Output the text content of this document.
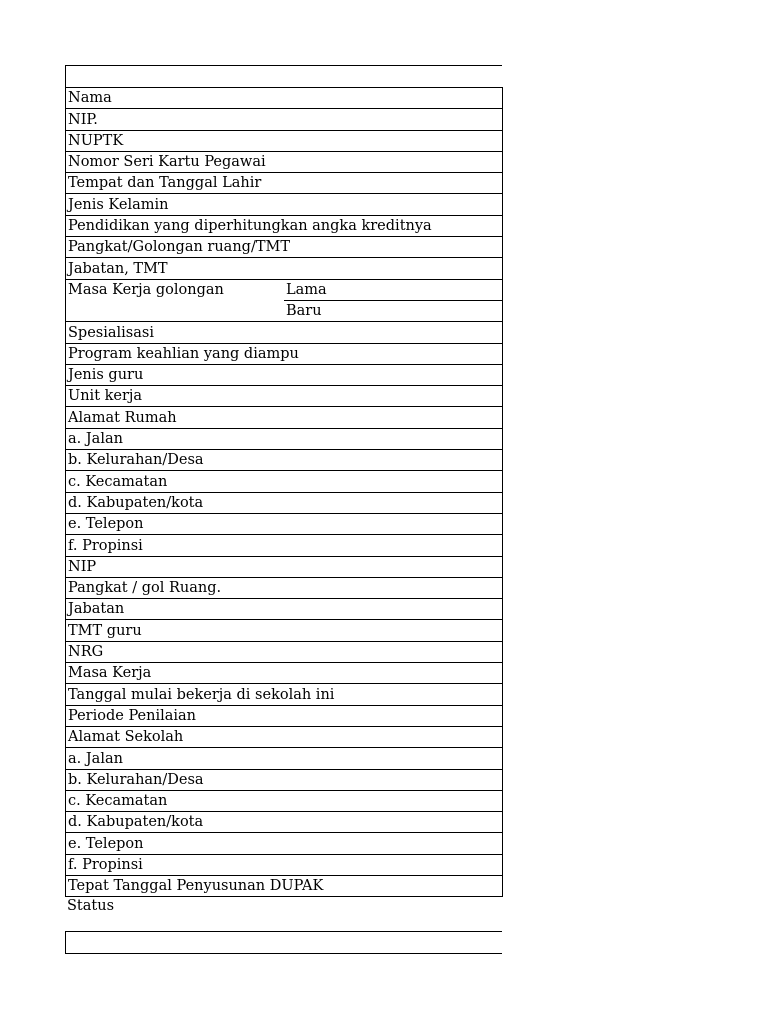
Nama	
NIP.	
NUPTK	
Nomor Seri Kartu Pegawai	
Tempat dan Tanggal Lahir	
Jenis Kelamin	
Pendidikan yang diperhitungkan angka kreditnya	
Pangkat/Golongan ruang/TMT	
Jabatan, TMT	
Masa Kerja golongan	Lama
	Baru
Spesialisasi	
Program keahlian yang diampu	
Jenis guru	
Unit kerja	
Alamat Rumah	
a. Jalan	
b. Kelurahan/Desa	
c. Kecamatan	
d. Kabupaten/kota	
e. Telepon	
f. Propinsi	
NIP	
Pangkat / gol Ruang.	
Jabatan	
TMT guru	
NRG	
Masa Kerja	
Tanggal mulai bekerja di sekolah ini	
Periode Penilaian	
Alamat Sekolah	
a. Jalan	
b. Kelurahan/Desa	
c. Kecamatan	
d. Kabupaten/kota	
e. Telepon	
f. Propinsi	
Tepat Tanggal Penyusunan DUPAK	
Status
